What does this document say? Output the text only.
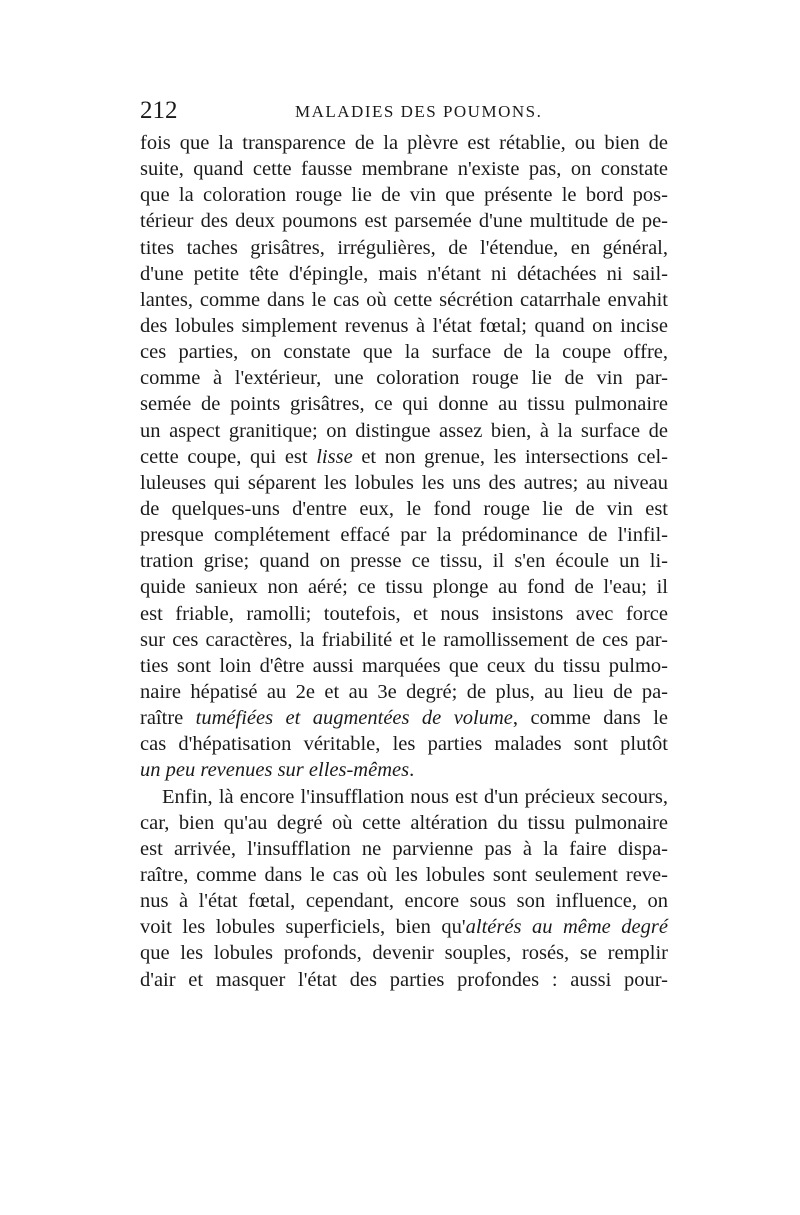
212	MALADIES DES POUMONS.
fois que la transparence de la plèvre est rétablie, ou bien de
suite, quand cette fausse membrane n'existe pas, on constate
que la coloration rouge lie de vin que présente le bord pos-
térieur des deux poumons est parsemée d'une multitude de pe-
tites taches grisâtres, irrégulières, de l'étendue, en général,
d'une petite tête d'épingle, mais n'étant ni détachées ni sail-
lantes, comme dans le cas où cette sécrétion catarrhale envahit
des lobules simplement revenus à l'état fœtal; quand on incise
ces parties, on constate que la surface de la coupe offre,
comme à l'extérieur, une coloration rouge lie de vin par-
semée de points grisâtres, ce qui donne au tissu pulmonaire
un aspect granitique; on distingue assez bien, à la surface de
cette coupe, qui est lisse et non grenue, les intersections cel-
luleuses qui séparent les lobules les uns des autres; au niveau
de quelques-uns d'entre eux, le fond rouge lie de vin est
presque complétement effacé par la prédominance de l'infil-
tration grise; quand on presse ce tissu, il s'en écoule un li-
quide sanieux non aéré; ce tissu plonge au fond de l'eau; il
est friable, ramolli; toutefois, et nous insistons avec force
sur ces caractères, la friabilité et le ramollissement de ces par-
ties sont loin d'être aussi marquées que ceux du tissu pulmo-
naire hépatisé au 2e et au 3e degré; de plus, au lieu de pa-
raître tuméfiées et augmentées de volume, comme dans le
cas d'hépatisation véritable, les parties malades sont plutôt
un peu revenues sur elles-mêmes.
Enfin, là encore l'insufflation nous est d'un précieux secours,
car, bien qu'au degré où cette altération du tissu pulmonaire
est arrivée, l'insufflation ne parvienne pas à la faire dispa-
raître, comme dans le cas où les lobules sont seulement reve-
nus à l'état fœtal, cependant, encore sous son influence, on
voit les lobules superficiels, bien qu'altérés au même degré
que les lobules profonds, devenir souples, rosés, se remplir
d'air et masquer l'état des parties profondes : aussi pour-
